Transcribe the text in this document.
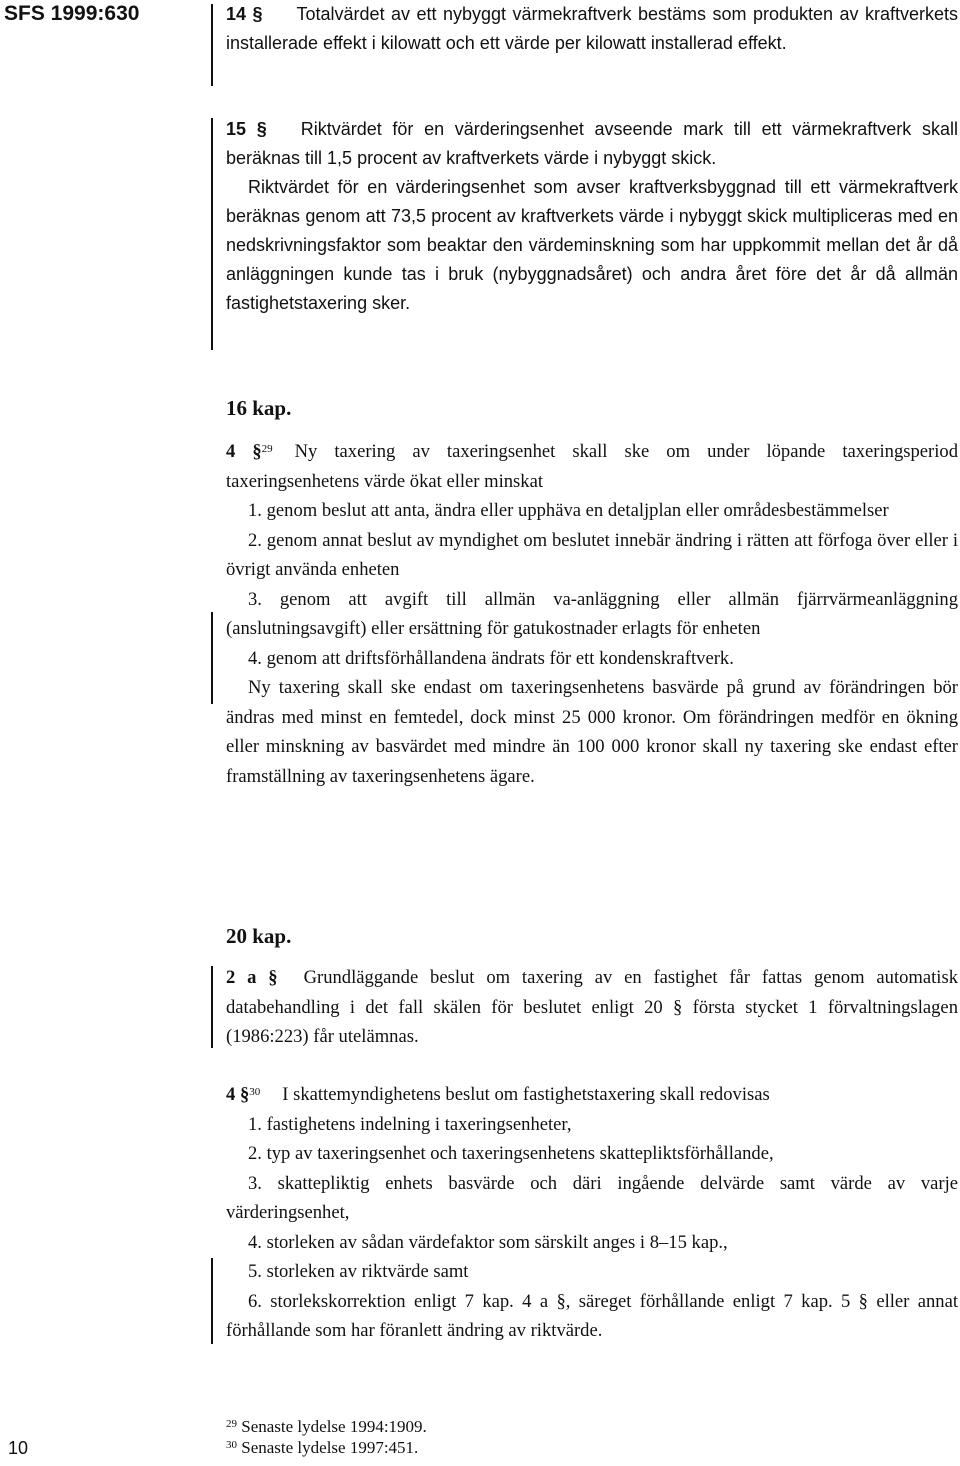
SFS 1999:630	14 § Totalvärdet av ett nybyggt värmekraftverk bestäms som produkten av kraftverkets installerade effekt i kilowatt och ett värde per kilowatt installerad effekt.

15 § Riktvärdet för en värderingsenhet avseende mark till ett värmekraftverk skall beräknas till 1,5 procent av kraftverkets värde i nybyggt skick.

Riktvärdet för en värderingsenhet som avser kraftverksbyggnad till ett värmekraftverk beräknas genom att 73,5 procent av kraftverkets värde i nybyggt skick multipliceras med en nedskrivningsfaktor som beaktar den värdeminskning som har uppkommit mellan det år då anläggningen kunde tas i bruk (nybyggnadsåret) och andra året före det år då allmän fastighetstaxering sker.

16 kap.

4 §$^{29}$ Ny taxering av taxeringsenhet skall ske om under löpande taxeringsperiod taxeringsenhetens värde ökat eller minskat

1. genom beslut att anta, ändra eller upphäva en detaljplan eller områdesbestämmelser

2. genom annat beslut av myndighet om beslutet innebär ändring i rätten att förfoga över eller i övrigt använda enheten

3. genom att avgift till allmän va-anläggning eller allmän fjärrvärmeanläggning (anslutningsavgift) eller ersättning för gatukostnader erlagts för enheten

4. genom att driftsförhållandena ändrats för ett kondenskraftverk.

Ny taxering skall ske endast om taxeringsenhetens basvärde på grund av förändringen bör ändras med minst en femtedel, dock minst 25 000 kronor. Om förändringen medför en ökning eller minskning av basvärdet med mindre än 100 000 kronor skall ny taxering ske endast efter framställning av taxeringsenhetens ägare.

20 kap.

2 a § Grundläggande beslut om taxering av en fastighet får fattas genom automatisk databehandling i det fall skälen för beslutet enligt 20 § första stycket 1 förvaltningslagen (1986:223) får utelämnas.

4 §$^{30}$ I skattemyndighetens beslut om fastighetstaxering skall redovisas

1. fastighetens indelning i taxeringsenheter,

2. typ av taxeringsenhet och taxeringsenhetens skattepliktsförhållande,

3. skattepliktig enhets basvärde och däri ingående delvärde samt värde av varje värderingsenhet,

4. storleken av sådan värdefaktor som särskilt anges i 8–15 kap.,

5. storleken av riktvärde samt

6. storlekskorrektion enligt 7 kap. 4 a §, säreget förhållande enligt 7 kap. 5 § eller annat förhållande som har föranlett ändring av riktvärde.

$^{29}$ Senaste lydelse 1994:1909.
$^{30}$ Senaste lydelse 1997:451.
10
